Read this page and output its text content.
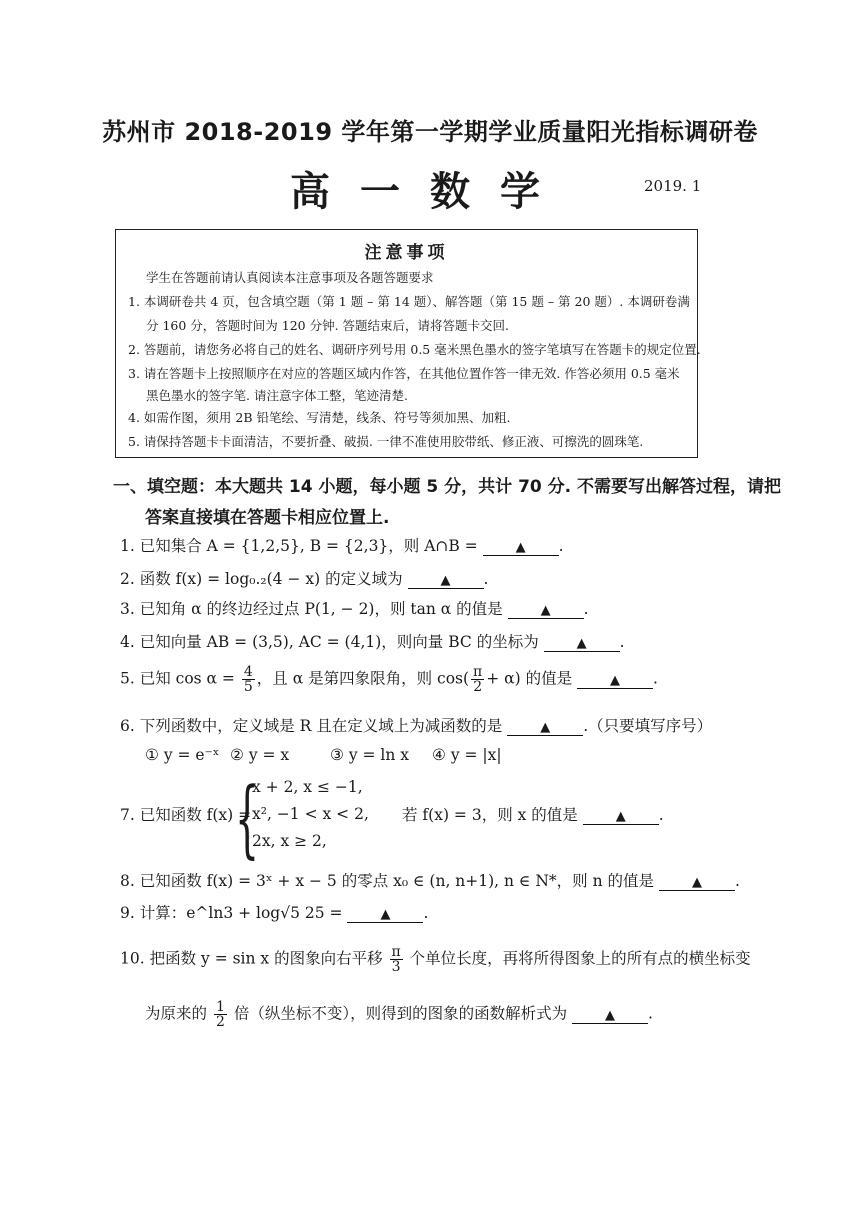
苏州市 2018-2019 学年第一学期学业质量阳光指标调研卷
高一数学	2019. 1
注意事项
学生在答题前请认真阅读本注意事项及各题答题要求
1. 本调研卷共 4 页，包含填空题（第 1 题 – 第 14 题）、解答题（第 15 题 – 第 20 题）. 本调研卷满
分 160 分，答题时间为 120 分钟. 答题结束后，请将答题卡交回.
2. 答题前，请您务必将自己的姓名、调研序列号用 0.5 毫米黑色墨水的签字笔填写在答题卡的规定位置.
3. 请在答题卡上按照顺序在对应的答题区域内作答，在其他位置作答一律无效. 作答必须用 0.5 毫米
黑色墨水的签字笔. 请注意字体工整，笔迹清楚.
4. 如需作图，须用 2B 铅笔绘、写清楚，线条、符号等须加黑、加粗.
5. 请保持答题卡卡面清洁，不要折叠、破损. 一律不准使用胶带纸、修正液、可擦洗的圆珠笔.
一、填空题：本大题共 14 小题，每小题 5 分，共计 70 分. 不需要写出解答过程，请把
答案直接填在答题卡相应位置上.
1. 已知集合 A = {1,2,5}, B = {2,3}，则 A∩B =	▲ .
2. 函数 f(x) = log₀.₂(4 − x) 的定义域为	▲ .
3. 已知角 α 的终边经过点 P(1, − 2)，则 tan α 的值是	▲ .
4. 已知向量 AB = (3,5), AC = (4,1)，则向量 BC 的坐标为	▲ .
5. 已知 $\cos \alpha = \frac{4}{5}$ ，且 α 是第四象限角，则 $\cos( \frac{\pi}{2} + \alpha)$ 的值是	▲ .
6. 下列函数中，定义域是 R 且在定义域上为减函数的是	▲ .（只要填写序号）
① y = e⁻ˣ ② y = x	③ y = ln x ④ y = |x|
7. 已知函数 f(x) =
{
x + 2, x ≤ −1,
x², −1 < x < 2,
2x, x ≥ 2,
若 f(x) = 3，则 x 的值是	▲ .
8. 已知函数 f(x) = 3ˣ + x − 5 的零点 x₀ ∈ (n, n+1), n ∈ N*，则 n 的值是	▲ .
9. 计算：e^ln3 + log√5 25 =	▲ .
10. 把函数 y = sin x 的图象向右平移 $\frac{\pi}{3}$ 个单位长度，再将所得图象上的所有点的横坐标变
为原来的 $\frac{1}{2}$ 倍（纵坐标不变），则得到的图象的函数解析式为	▲ .
